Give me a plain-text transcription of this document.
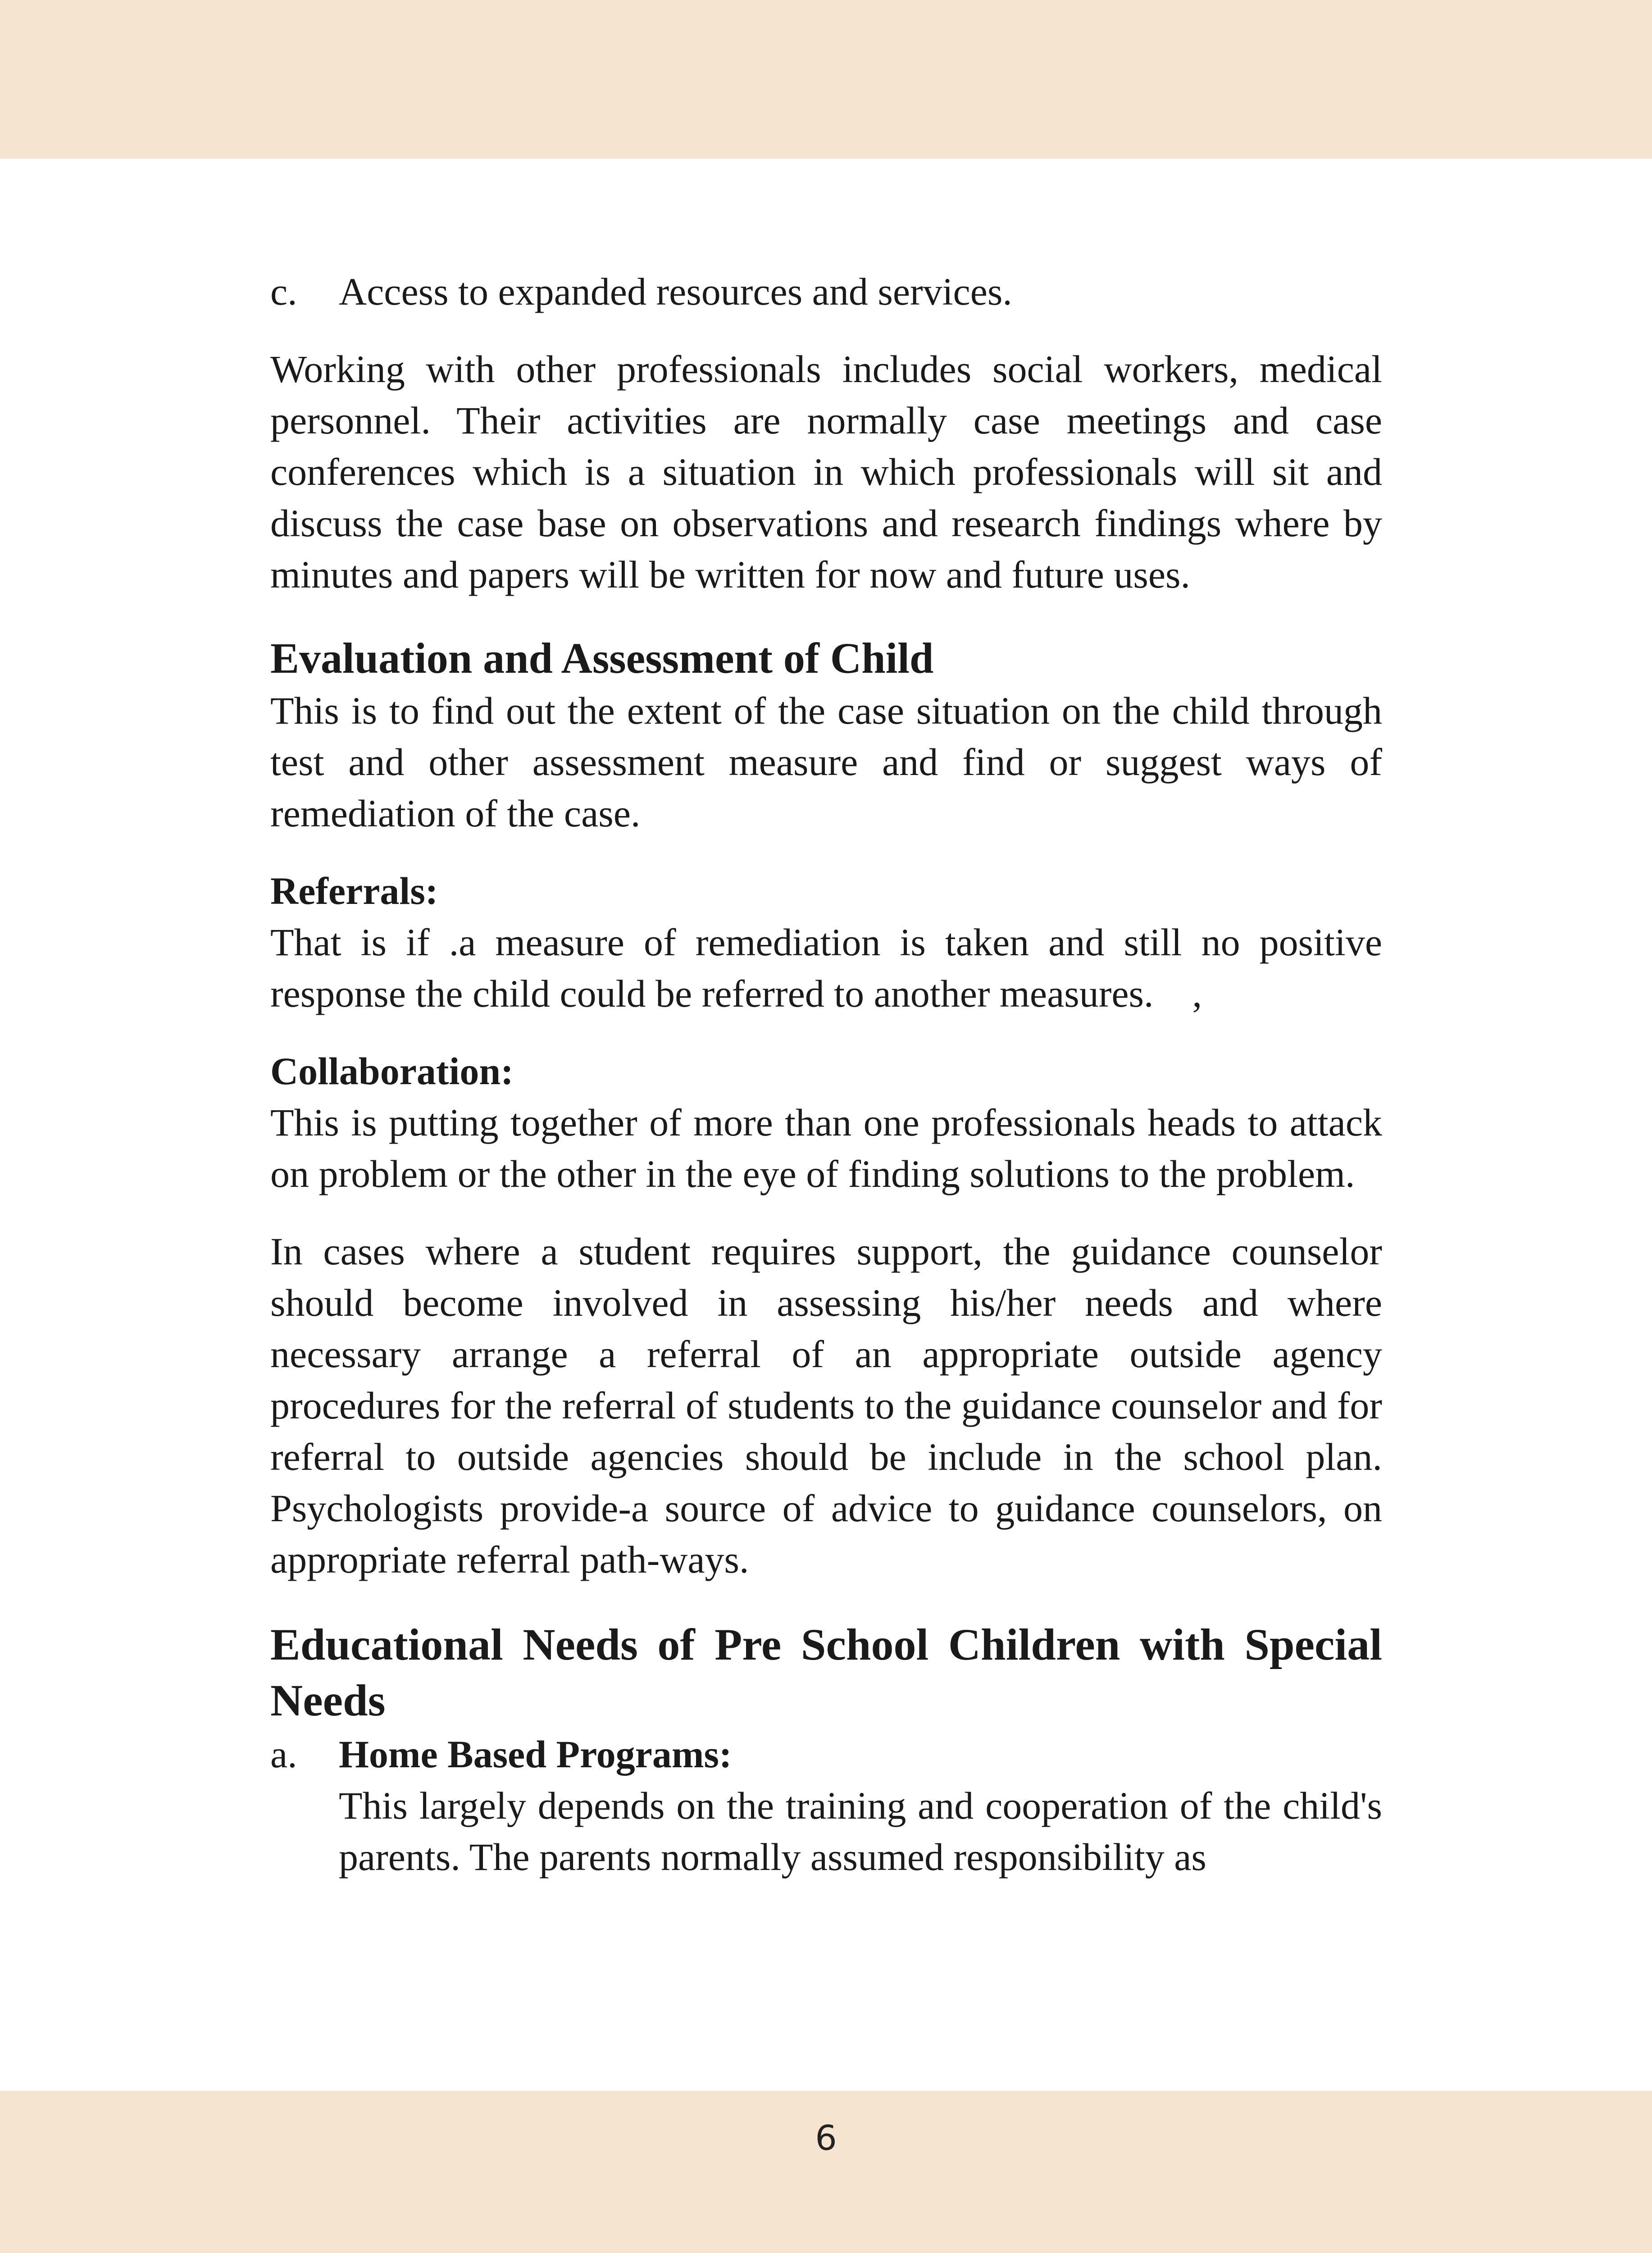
c.	Access to expanded resources and services.

Working with other professionals includes social workers, medical personnel. Their activities are normally case meetings and case conferences which is a situation in which professionals will sit and discuss the case base on observations and research findings where by minutes and papers will be written for now and future uses.

Evaluation and Assessment of Child

This is to find out the extent of the case situation on the child through test and other assessment measure and find or suggest ways of remediation of the case.

Referrals:

That is if .a measure of remediation is taken and still no positive response the child could be referred to another measures.    ,

Collaboration:

This is putting together of more than one professionals heads to attack on problem or the other in the eye of finding solutions to the problem.

In cases where a student requires support, the guidance counselor should become involved in assessing his/her needs and where necessary arrange a referral of an appropriate outside agency procedures for the referral of students to the guidance counselor and for referral to outside agencies should be include in the school plan. Psychologists provide-a source of advice to guidance counselors, on appropriate referral path-ways.

Educational Needs of Pre School Children with Special Needs
a.	Home Based Programs:

This largely depends on the training and cooperation of the child's parents. The parents normally assumed responsibility as

6
